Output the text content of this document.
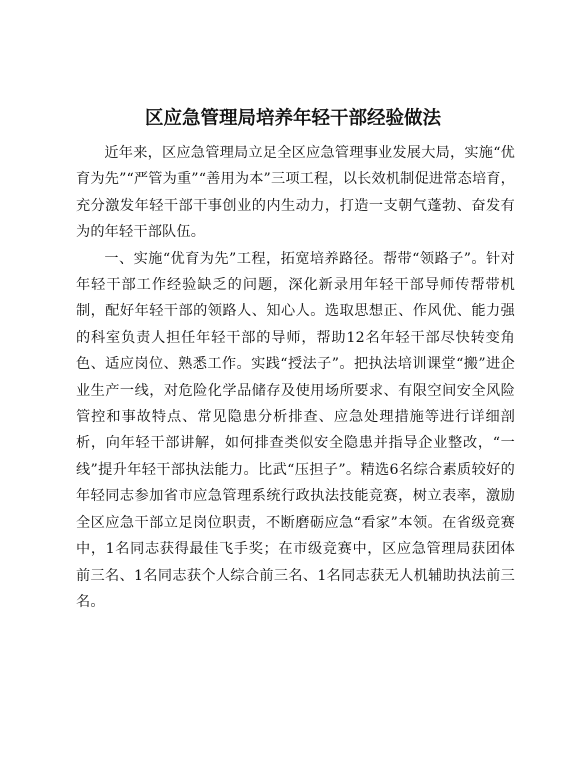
区应急管理局培养年轻干部经验做法

近年来，区应急管理局立足全区应急管理事业发展大局，实施“优育为先”“严管为重”“善用为本”三项工程，以长效机制促进常态培育，充分激发年轻干部干事创业的内生动力，打造一支朝气蓬勃、奋发有为的年轻干部队伍。

一、实施“优育为先”工程，拓宽培养路径。帮带“领路子”。针对年轻干部工作经验缺乏的问题，深化新录用年轻干部导师传帮带机制，配好年轻干部的领路人、知心人。选取思想正、作风优、能力强的科室负责人担任年轻干部的导师，帮助12名年轻干部尽快转变角色、适应岗位、熟悉工作。实践“授法子”。把执法培训课堂“搬”进企业生产一线，对危险化学品储存及使用场所要求、有限空间安全风险管控和事故特点、常见隐患分析排查、应急处理措施等进行详细剖析，向年轻干部讲解，如何排查类似安全隐患并指导企业整改，“一线”提升年轻干部执法能力。比武“压担子”。精选6名综合素质较好的年轻同志参加省市应急管理系统行政执法技能竞赛，树立表率，激励全区应急干部立足岗位职责，不断磨砺应急“看家”本领。在省级竞赛中，1名同志获得最佳飞手奖；在市级竞赛中，区应急管理局获团体前三名、1名同志获个人综合前三名、1名同志获无人机辅助执法前三名。
